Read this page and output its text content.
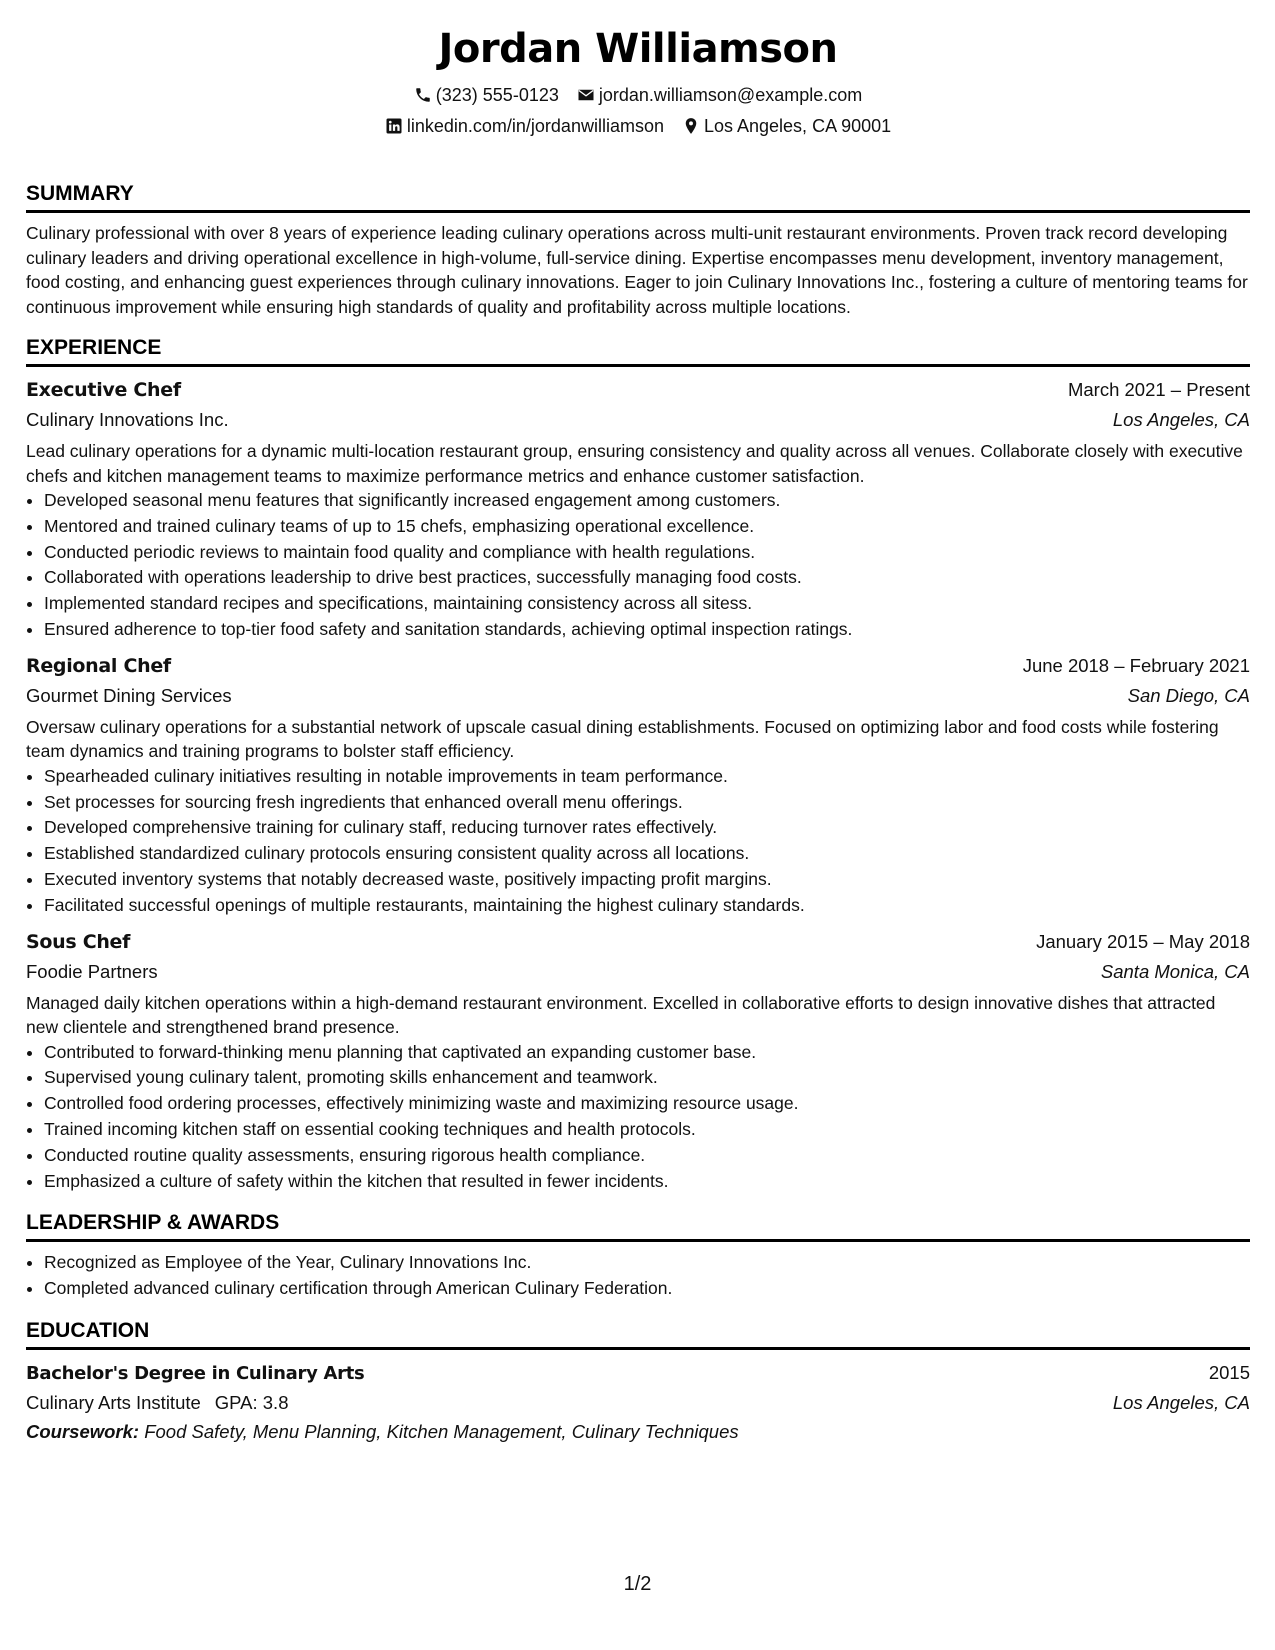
Jordan Williamson
(323) 555-0123 jordan.williamson@example.com
linkedin.com/in/jordanwilliamson Los Angeles, CA 90001
SUMMARY

Culinary professional with over 8 years of experience leading culinary operations across multi-unit restaurant environments. Proven track record developing culinary leaders and driving operational excellence in high-volume, full-service dining. Expertise encompasses menu development, inventory management, food costing, and enhancing guest experiences through culinary innovations. Eager to join Culinary Innovations Inc., fostering a culture of mentoring teams for continuous improvement while ensuring high standards of quality and profitability across multiple locations.

EXPERIENCE
Executive Chef	March 2021 – Present
Culinary Innovations Inc.	Los Angeles, CA

Lead culinary operations for a dynamic multi-location restaurant group, ensuring consistency and quality across all venues. Collaborate closely with executive chefs and kitchen management teams to maximize performance metrics and enhance customer satisfaction.

• Developed seasonal menu features that significantly increased engagement among customers.
• Mentored and trained culinary teams of up to 15 chefs, emphasizing operational excellence.
• Conducted periodic reviews to maintain food quality and compliance with health regulations.
• Collaborated with operations leadership to drive best practices, successfully managing food costs.
• Implemented standard recipes and specifications, maintaining consistency across all sitess.
• Ensured adherence to top-tier food safety and sanitation standards, achieving optimal inspection ratings.
Regional Chef	June 2018 – February 2021
Gourmet Dining Services	San Diego, CA

Oversaw culinary operations for a substantial network of upscale casual dining establishments. Focused on optimizing labor and food costs while fostering team dynamics and training programs to bolster staff efficiency.

• Spearheaded culinary initiatives resulting in notable improvements in team performance.
• Set processes for sourcing fresh ingredients that enhanced overall menu offerings.
• Developed comprehensive training for culinary staff, reducing turnover rates effectively.
• Established standardized culinary protocols ensuring consistent quality across all locations.
• Executed inventory systems that notably decreased waste, positively impacting profit margins.
• Facilitated successful openings of multiple restaurants, maintaining the highest culinary standards.
Sous Chef	January 2015 – May 2018
Foodie Partners	Santa Monica, CA

Managed daily kitchen operations within a high-demand restaurant environment. Excelled in collaborative efforts to design innovative dishes that attracted new clientele and strengthened brand presence.

• Contributed to forward-thinking menu planning that captivated an expanding customer base.
• Supervised young culinary talent, promoting skills enhancement and teamwork.
• Controlled food ordering processes, effectively minimizing waste and maximizing resource usage.
• Trained incoming kitchen staff on essential cooking techniques and health protocols.
• Conducted routine quality assessments, ensuring rigorous health compliance.
• Emphasized a culture of safety within the kitchen that resulted in fewer incidents.
LEADERSHIP & AWARDS
• Recognized as Employee of the Year, Culinary Innovations Inc.
• Completed advanced culinary certification through American Culinary Federation.
EDUCATION
Bachelor's Degree in Culinary Arts	2015
Culinary Arts Institute GPA: 3.8	Los Angeles, CA
Coursework: Food Safety, Menu Planning, Kitchen Management, Culinary Techniques
1/2
